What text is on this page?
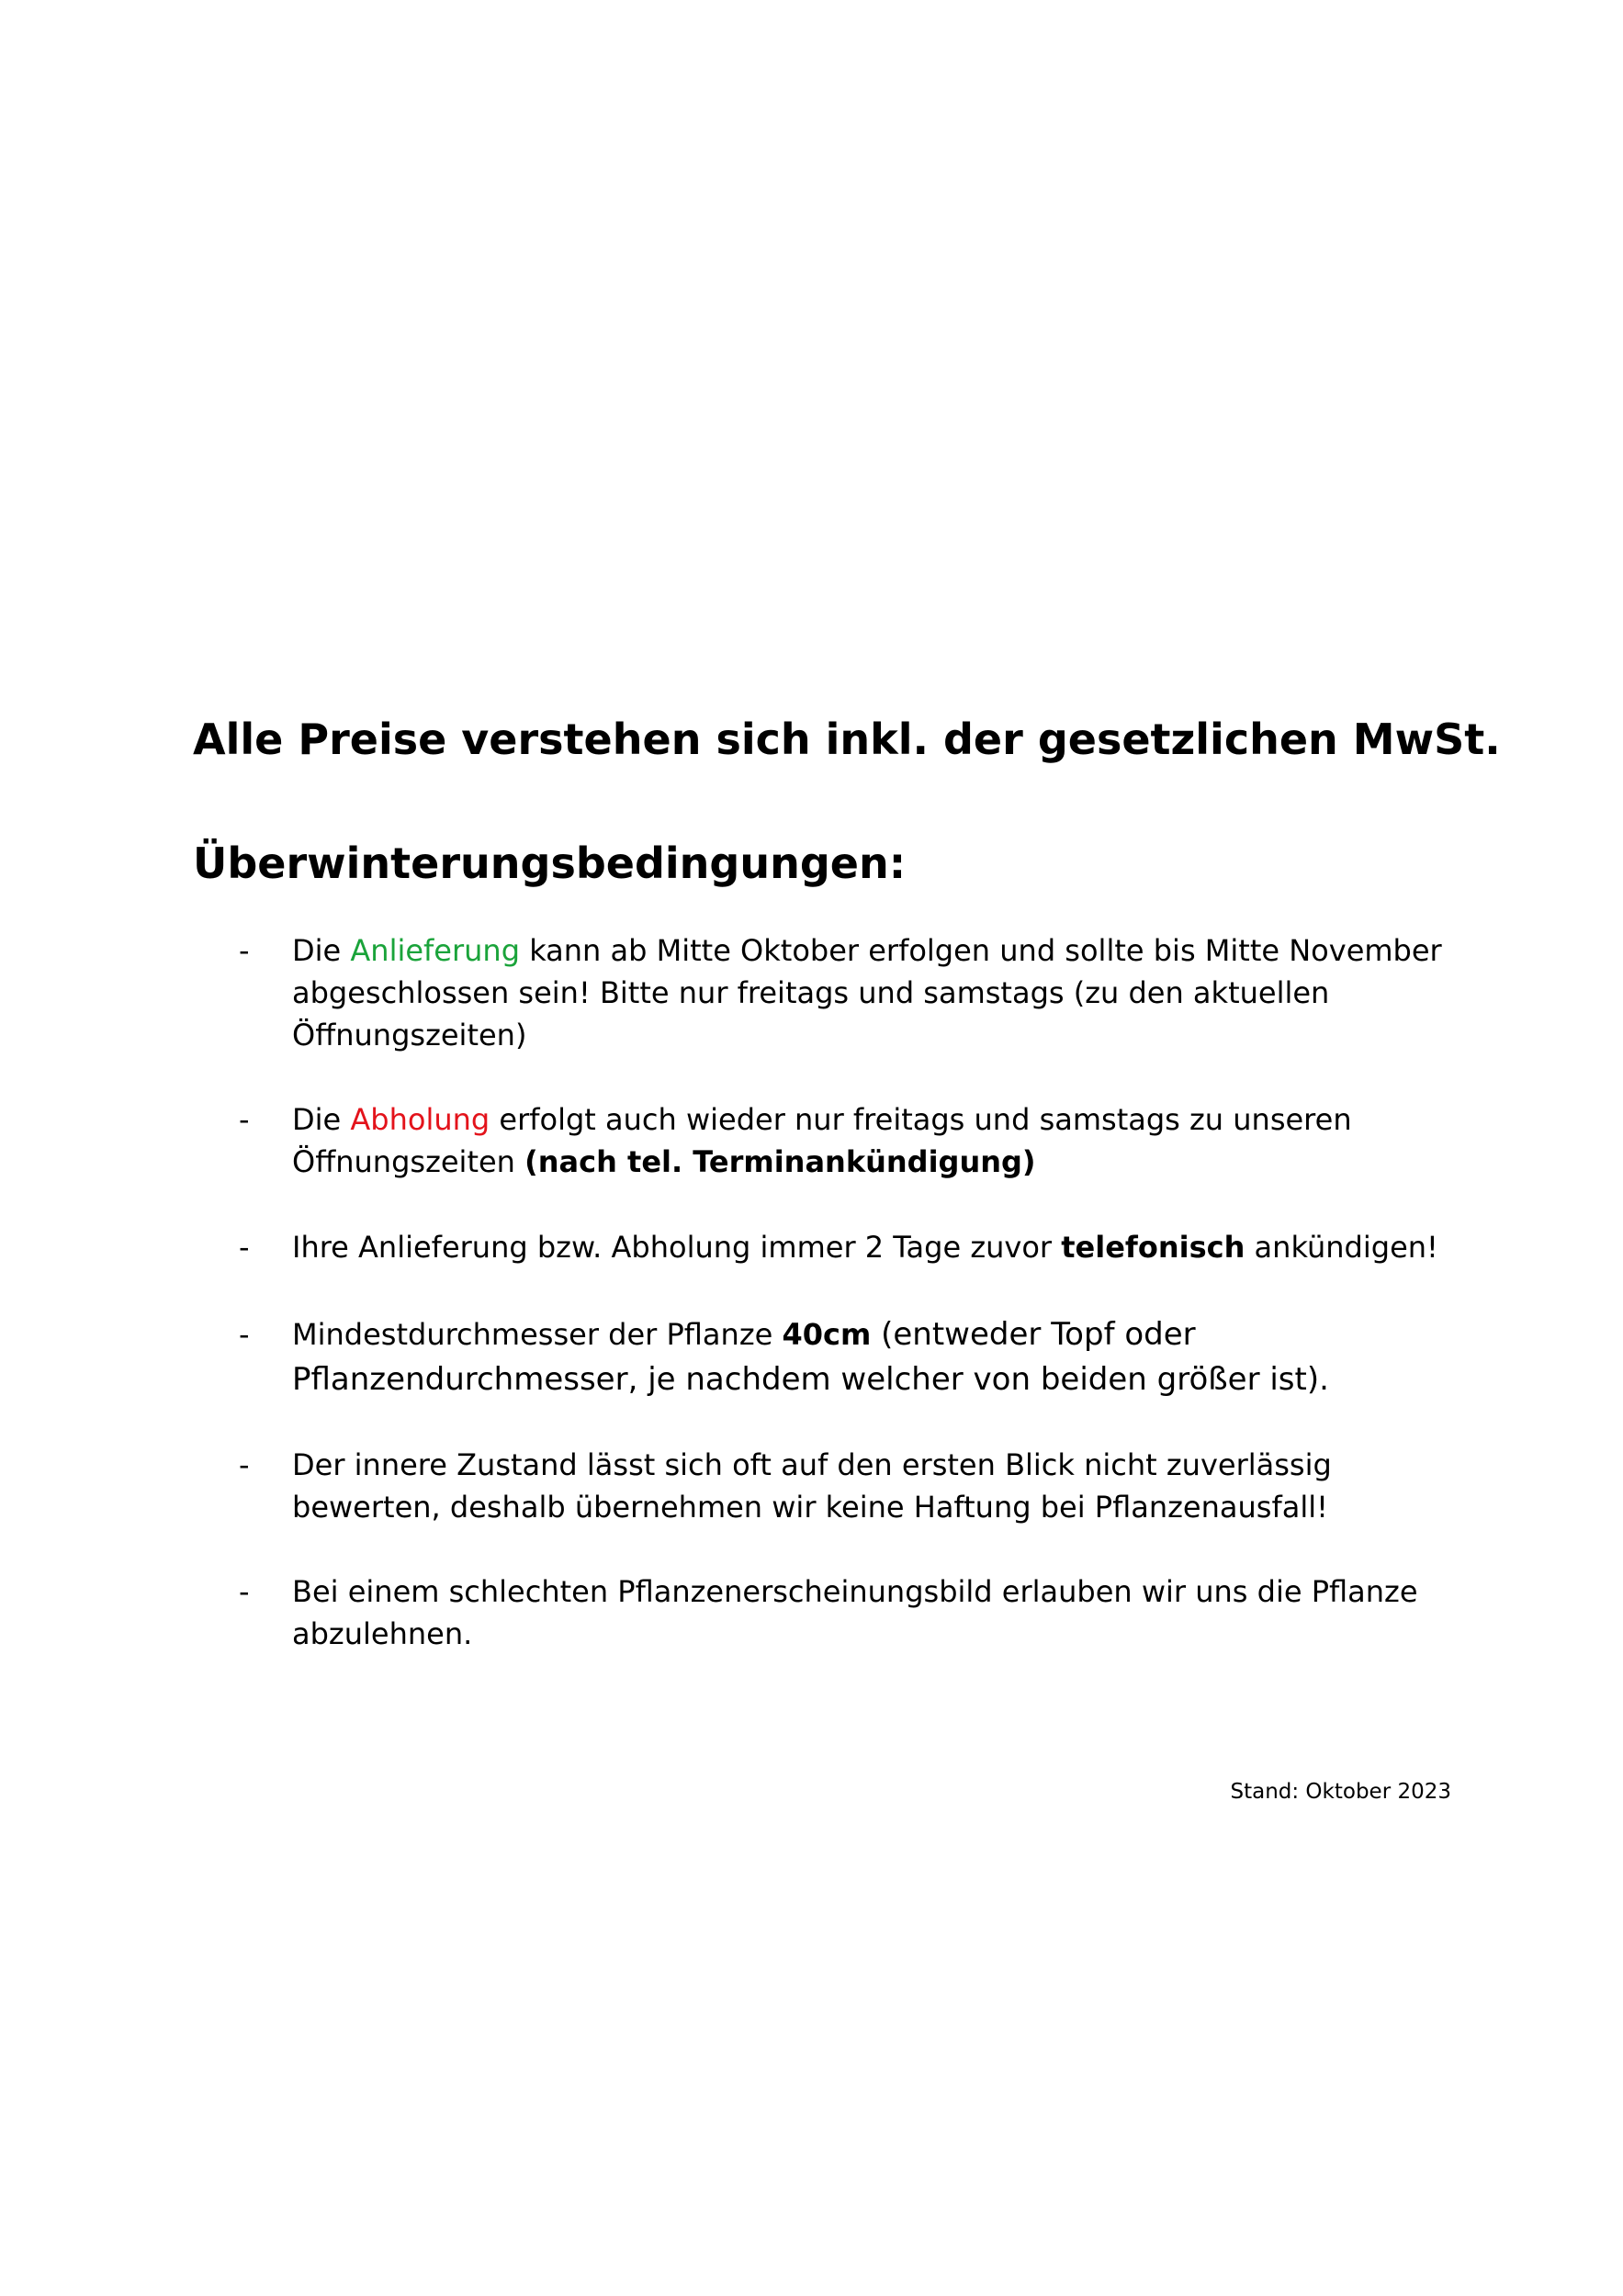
Alle Preise verstehen sich inkl. der gesetzlichen MwSt.
Überwinterungsbedingungen:
-	Die Anlieferung kann ab Mitte Oktober erfolgen und sollte bis Mitte November
abgeschlossen sein! Bitte nur freitags und samstags (zu den aktuellen
Öffnungszeiten)
-	Die Abholung erfolgt auch wieder nur freitags und samstags zu unseren
Öffnungszeiten (nach tel. Terminankündigung)
-	Ihre Anlieferung bzw. Abholung immer 2 Tage zuvor telefonisch ankündigen!
-	Mindestdurchmesser der Pflanze 40cm (entweder Topf oder
Pflanzendurchmesser, je nachdem welcher von beiden größer ist).
-	Der innere Zustand lässt sich oft auf den ersten Blick nicht zuverlässig
bewerten, deshalb übernehmen wir keine Haftung bei Pflanzenausfall!
-	Bei einem schlechten Pflanzenerscheinungsbild erlauben wir uns die Pflanze
abzulehnen.
Stand: Oktober 2023
